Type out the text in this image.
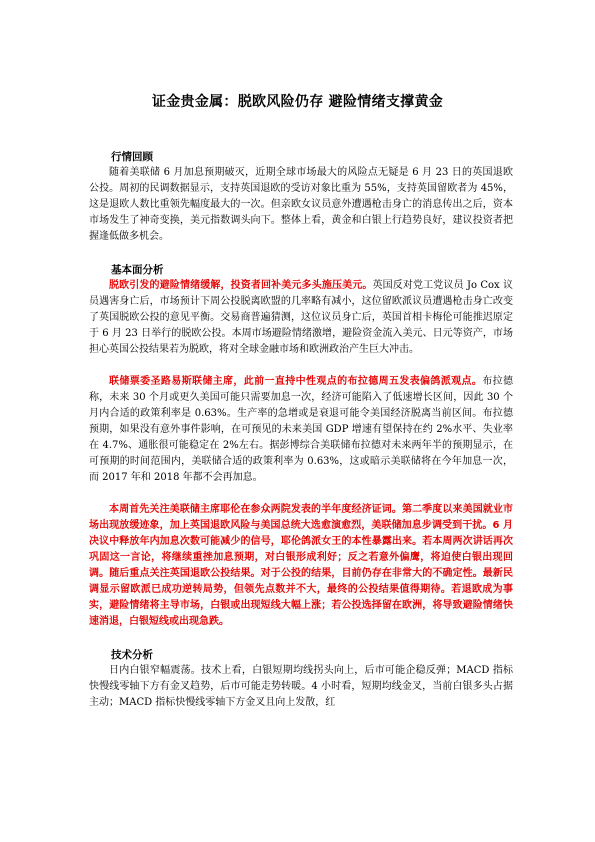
证金贵金属：脱欧风险仍存 避险情绪支撑黄金
行情回顾

随着美联储 6 月加息预期破灭，近期全球市场最大的风险点无疑是 6 月 23 日的英国退欧公投。周初的民调数据显示，支持英国退欧的受访对象比重为 55%，支持英国留欧者为 45%，这是退欧人数比重领先幅度最大的一次。但亲欧女议员意外遭遇枪击身亡的消息传出之后，资本市场发生了神奇变换，美元指数调头向下。整体上看，黄金和白银上行趋势良好，建议投资者把握逢低做多机会。

基本面分析

脱欧引发的避险情绪缓解，投资者回补美元多头施压美元。英国反对党工党议员 Jo Cox 议员遇害身亡后，市场预计下周公投脱离欧盟的几率略有减小，这位留欧派议员遭遇枪击身亡改变了英国脱欧公投的意见平衡。交易商普遍猜测，这位议员身亡后，英国首相卡梅伦可能推迟原定于 6 月 23 日举行的脱欧公投。本周市场避险情绪激增，避险资金流入美元、日元等资产，市场担心英国公投结果若为脱欧，将对全球金融市场和欧洲政治产生巨大冲击。

联储票委圣路易斯联储主席，此前一直持中性观点的布拉德周五发表偏鸽派观点。布拉德称，未来 30 个月或更久美国可能只需要加息一次，经济可能陷入了低速增长区间，因此 30 个月内合适的政策利率是 0.63%。生产率的急增或是衰退可能令美国经济脱离当前区间。布拉德预期，如果没有意外事件影响，在可预见的未来美国 GDP 增速有望保持在约 2%水平、失业率在 4.7%、通胀很可能稳定在 2%左右。据彭博综合美联储布拉德对未来两年半的预期显示，在可预期的时间范围内，美联储合适的政策利率为 0.63%，这或暗示美联储将在今年加息一次，而 2017 年和 2018 年都不会再加息。

本周首先关注美联储主席耶伦在参众两院发表的半年度经济证词。第二季度以来美国就业市场出现放缓迹象，加上英国退欧风险与美国总统大选愈演愈烈，美联储加息步调受到干扰。6 月决议中释放年内加息次数可能减少的信号，耶伦鸽派女王的本性暴露出来。若本周两次讲话再次巩固这一言论，将继续重挫加息预期，对白银形成利好；反之若意外偏鹰，将迫使白银出现回调。随后重点关注英国退欧公投结果。对于公投的结果，目前仍存在非常大的不确定性。最新民调显示留欧派已成功逆转局势，但领先点数并不大，最终的公投结果值得期待。若退欧成为事实，避险情绪将主导市场，白银或出现短线大幅上涨；若公投选择留在欧洲，将导致避险情绪快速消退，白银短线或出现急跌。

技术分析

日内白银窄幅震荡。技术上看，白银短期均线拐头向上，后市可能企稳反弹；MACD 指标快慢线零轴下方有金叉趋势，后市可能走势转暖。4 小时看，短期均线金叉，当前白银多头占据主动；MACD 指标快慢线零轴下方金叉且向上发散，红
